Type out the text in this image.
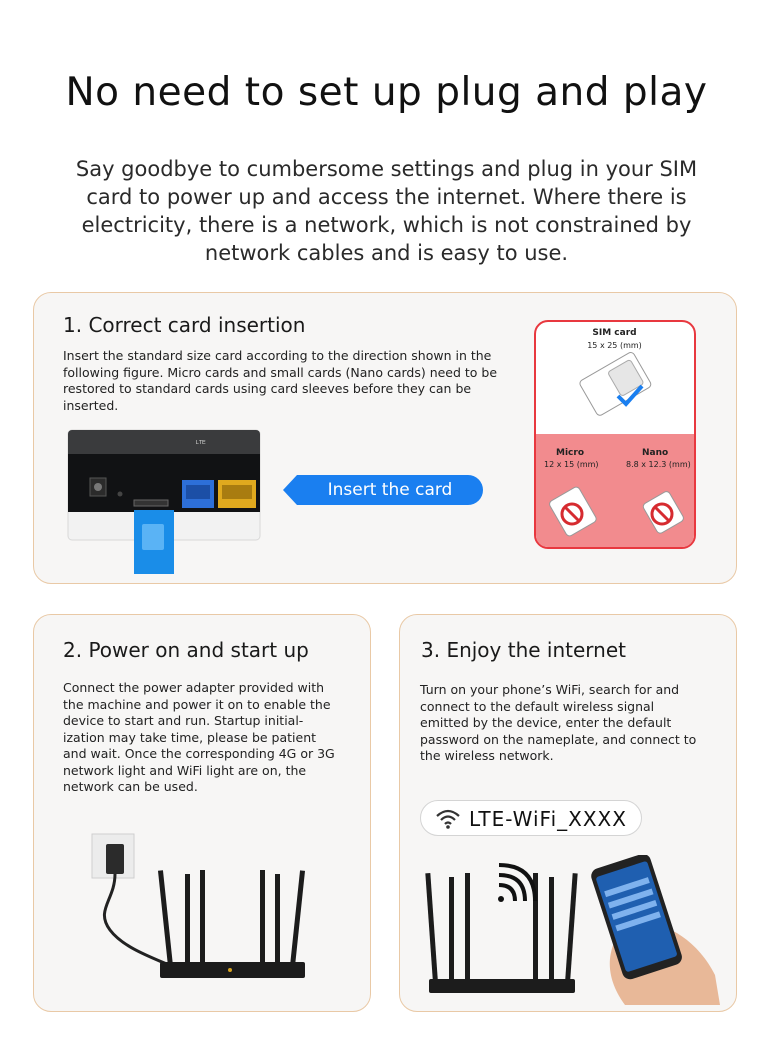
No need to set up plug and play
Say goodbye to cumbersome settings and plug in your SIM card to power up and access the internet. Where there is electricity, there is a network, which is not constrained by network cables and is easy to use.
1. Correct card insertion
Insert the standard size card according to the direction shown in the following figure. Micro cards and small cards (Nano cards) need to be restored to standard cards using card sleeves before they can be inserted.
ᴸᵀᴱ
Insert the card
SIM card
15 x 25 (mm)
Micro
12 x 15 (mm)
Nano
8.8 x 12.3 (mm)
2. Power on and start up
Connect the power adapter provided with the machine and power it on to enable the device to start and run. Startup initial-ization may take time, please be patient and wait. Once the corresponding 4G or 3G network light and WiFi light are on, the network can be used.
3. Enjoy the internet
Turn on your phone’s WiFi, search for and connect to the default wireless signal emitted by the device, enter the default password on the nameplate, and connect to the wireless network.
LTE-WiFi_XXXX
